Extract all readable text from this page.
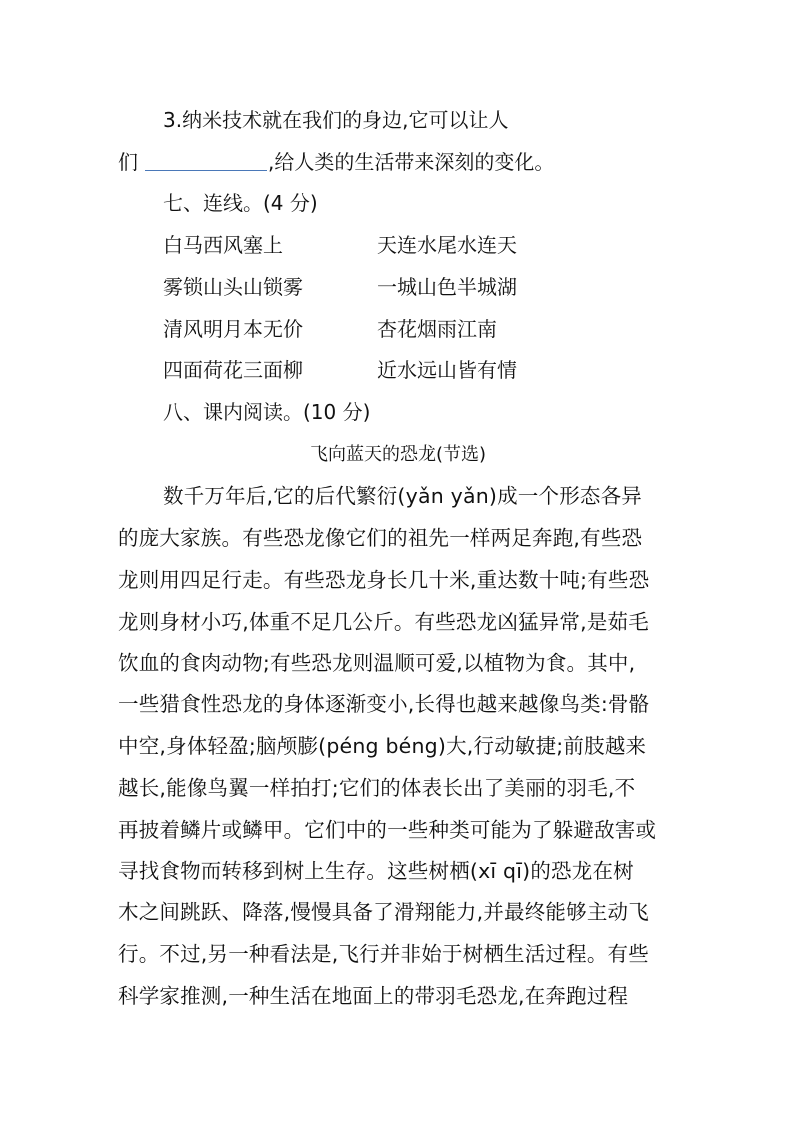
3.纳米技术就在我们的身边,它可以让人
们	,给人类的生活带来深刻的变化。
七、连线。(4 分)
白马西风塞上	天连水尾水连天
雾锁山头山锁雾	一城山色半城湖
清风明月本无价	杏花烟雨江南
四面荷花三面柳	近水远山皆有情
八、课内阅读。(10 分)
飞向蓝天的恐龙(节选)
数千万年后,它的后代繁衍(yǎn yǎn)成一个形态各异
的庞大家族。有些恐龙像它们的祖先一样两足奔跑,有些恐
龙则用四足行走。有些恐龙身长几十米,重达数十吨;有些恐
龙则身材小巧,体重不足几公斤。有些恐龙凶猛异常,是茹毛
饮血的食肉动物;有些恐龙则温顺可爱,以植物为食。其中,
一些猎食性恐龙的身体逐渐变小,长得也越来越像鸟类:骨骼
中空,身体轻盈;脑颅膨(péng béng)大,行动敏捷;前肢越来
越长,能像鸟翼一样拍打;它们的体表长出了美丽的羽毛,不
再披着鳞片或鳞甲。它们中的一些种类可能为了躲避敌害或
寻找食物而转移到树上生存。这些树栖(xī qī)的恐龙在树
木之间跳跃、降落,慢慢具备了滑翔能力,并最终能够主动飞
行。不过,另一种看法是,飞行并非始于树栖生活过程。有些
科学家推测,一种生活在地面上的带羽毛恐龙,在奔跑过程
